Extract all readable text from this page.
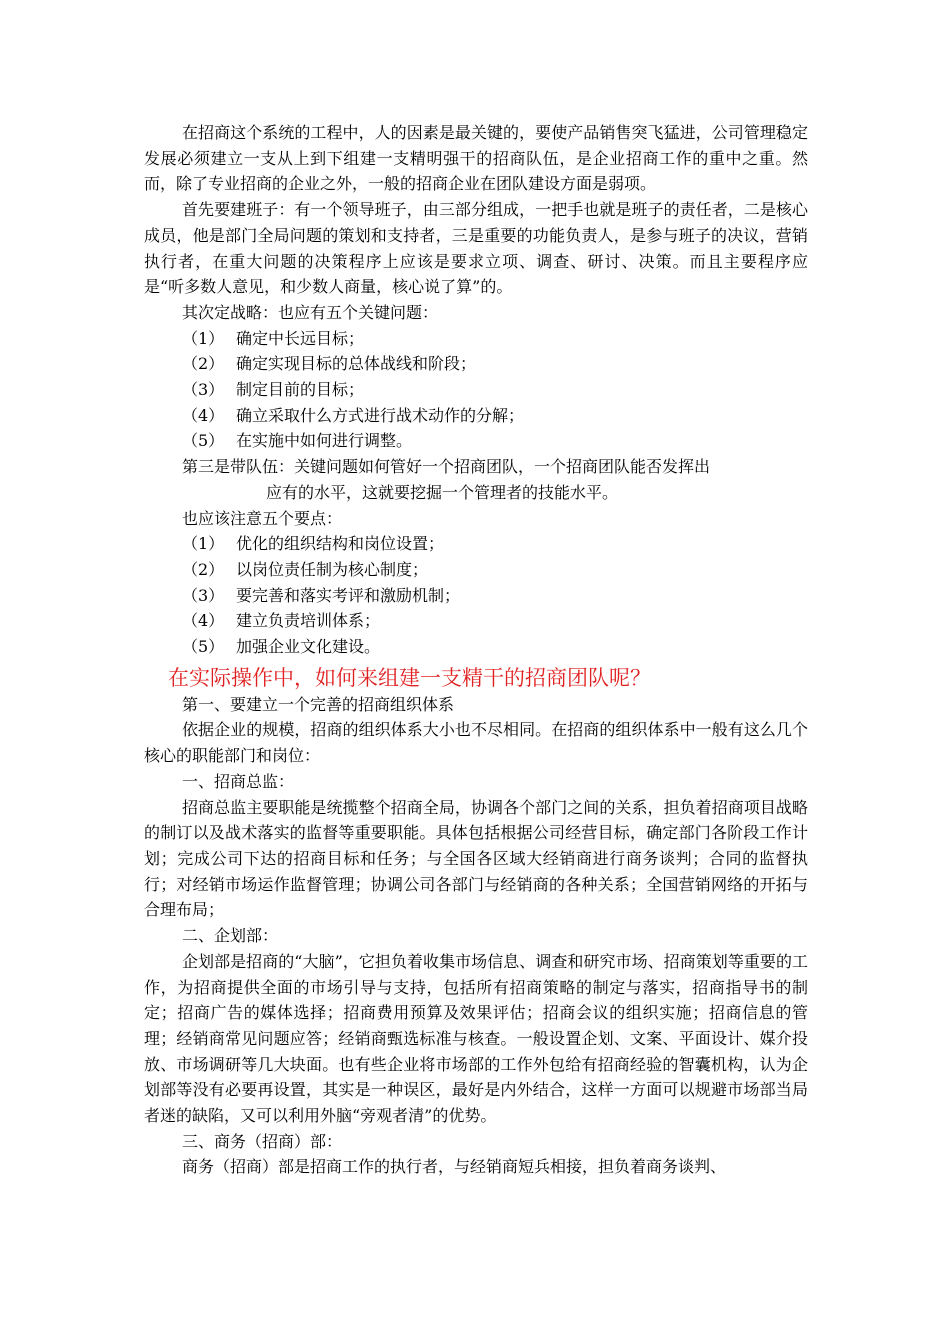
在招商这个系统的工程中，人的因素是最关键的，要使产品销售突飞猛进，公司管理稳定发展必须建立一支从上到下组建一支精明强干的招商队伍，是企业招商工作的重中之重。然而，除了专业招商的企业之外，一般的招商企业在团队建设方面是弱项。

首先要建班子：有一个领导班子，由三部分组成，一把手也就是班子的责任者，二是核心成员，他是部门全局问题的策划和支持者，三是重要的功能负责人，是参与班子的决议，营销执行者，在重大问题的决策程序上应该是要求立项、调查、研讨、决策。而且主要程序应是“听多数人意见，和少数人商量，核心说了算”的。

其次定战略：也应有五个关键问题：

（1） 确定中长远目标；

（2） 确定实现目标的总体战线和阶段；

（3） 制定目前的目标；

（4） 确立采取什么方式进行战术动作的分解；

（5） 在实施中如何进行调整。

第三是带队伍：关键问题如何管好一个招商团队，一个招商团队能否发挥出
应有的水平，这就要挖掘一个管理者的技能水平。

也应该注意五个要点：

（1） 优化的组织结构和岗位设置；

（2） 以岗位责任制为核心制度；

（3） 要完善和落实考评和激励机制；

（4） 建立负责培训体系；

（5） 加强企业文化建设。

在实际操作中，如何来组建一支精干的招商团队呢？

第一、要建立一个完善的招商组织体系

依据企业的规模，招商的组织体系大小也不尽相同。在招商的组织体系中一般有这么几个核心的职能部门和岗位：

一、招商总监：

招商总监主要职能是统揽整个招商全局，协调各个部门之间的关系，担负着招商项目战略的制订以及战术落实的监督等重要职能。具体包括根据公司经营目标，确定部门各阶段工作计划；完成公司下达的招商目标和任务；与全国各区域大经销商进行商务谈判；合同的监督执行；对经销市场运作监督管理；协调公司各部门与经销商的各种关系；全国营销网络的开拓与合理布局；

二、企划部：

企划部是招商的“大脑”，它担负着收集市场信息、调查和研究市场、招商策划等重要的工作，为招商提供全面的市场引导与支持，包括所有招商策略的制定与落实，招商指导书的制定；招商广告的媒体选择；招商费用预算及效果评估；招商会议的组织实施；招商信息的管理；经销商常见问题应答；经销商甄选标准与核查。一般设置企划、文案、平面设计、媒介投放、市场调研等几大块面。也有些企业将市场部的工作外包给有招商经验的智囊机构，认为企划部等没有必要再设置，其实是一种误区，最好是内外结合，这样一方面可以规避市场部当局者迷的缺陷，又可以利用外脑“旁观者清”的优势。

三、商务（招商）部：

商务（招商）部是招商工作的执行者，与经销商短兵相接，担负着商务谈判、
